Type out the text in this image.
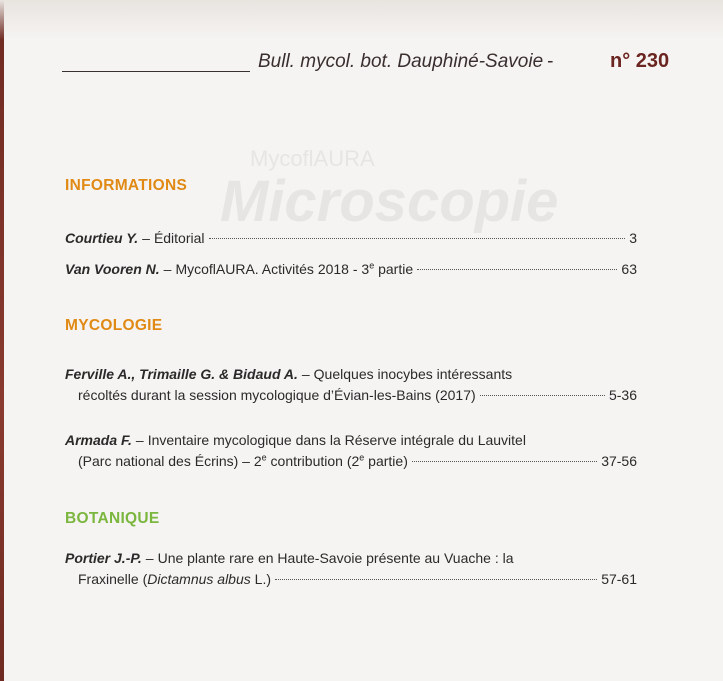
MycoflAURA
Microscopie
Bull. mycol. bot. Dauphiné-Savoie -	n° 230
INFORMATIONS
Courtieu Y. – Éditorial	3
Van Vooren N. – MycoflAURA. Activités 2018 - 3e partie	63
MYCOLOGIE
Ferville A., Trimaille G. & Bidaud A. – Quelques inocybes intéressants
récoltés durant la session mycologique d’Évian-les-Bains (2017)	5-36
Armada F. – Inventaire mycologique dans la Réserve intégrale du Lauvitel
(Parc national des Écrins) – 2e contribution (2e partie)	37-56
BOTANIQUE
Portier J.-P. – Une plante rare en Haute-Savoie présente au Vuache : la
Fraxinelle (Dictamnus albus L.)	57-61
